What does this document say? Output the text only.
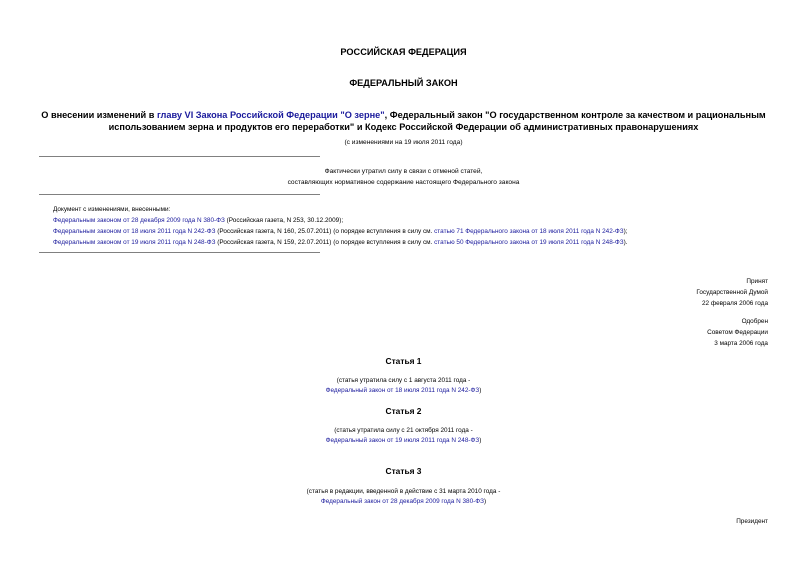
РОССИЙСКАЯ ФЕДЕРАЦИЯ
ФЕДЕРАЛЬНЫЙ ЗАКОН
О внесении изменений в главу VI Закона Российской Федерации "О зерне", Федеральный закон "О государственном контроле за качеством и рациональным
использованием зерна и продуктов его переработки" и Кодекс Российской Федерации об административных правонарушениях
(с изменениями на 19 июля 2011 года)
Фактически утратил силу в связи с отменой статей,
составляющих нормативное содержание настоящего Федерального закона
Документ с изменениями, внесенными:
Федеральным законом от 28 декабря 2009 года N 380-ФЗ (Российская газета, N 253, 30.12.2009);
Федеральным законом от 18 июля 2011 года N 242-ФЗ (Российская газета, N 160, 25.07.2011) (о порядке вступления в силу см. статью 71 Федерального закона от 18 июля 2011 года N 242-ФЗ);
Федеральным законом от 19 июля 2011 года N 248-ФЗ (Российская газета, N 159, 22.07.2011) (о порядке вступления в силу см. статью 50 Федерального закона от 19 июля 2011 года N 248-ФЗ).
Принят
Государственной Думой
22 февраля 2006 года
Одобрен
Советом Федерации
3 марта 2006 года
Статья 1
(статья утратила силу с 1 августа 2011 года -
Федеральный закон от 18 июля 2011 года N 242-ФЗ)
Статья 2
(статья утратила силу с 21 октября 2011 года -
Федеральный закон от 19 июля 2011 года N 248-ФЗ)
Статья 3
(статья в редакции, введенной в действие с 31 марта 2010 года -
Федеральный закон от 28 декабря 2009 года N 380-ФЗ)
Президент
